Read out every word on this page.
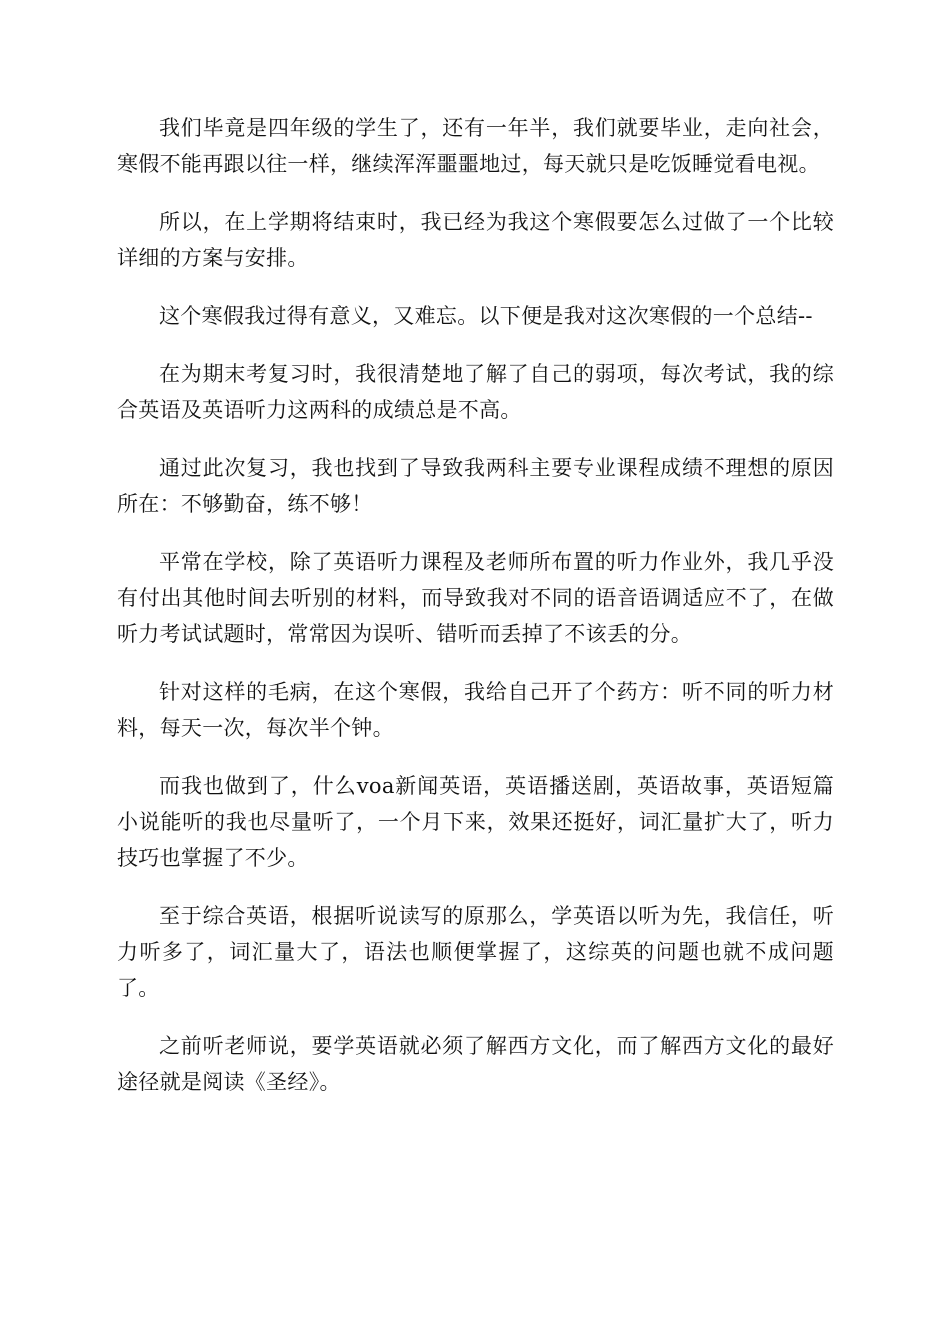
我们毕竟是四年级的学生了，还有一年半，我们就要毕业，走向社会，寒假不能再跟以往一样，继续浑浑噩噩地过，每天就只是吃饭睡觉看电视。

所以，在上学期将结束时，我已经为我这个寒假要怎么过做了一个比较详细的方案与安排。

这个寒假我过得有意义，又难忘。以下便是我对这次寒假的一个总结--

在为期末考复习时，我很清楚地了解了自己的弱项，每次考试，我的综合英语及英语听力这两科的成绩总是不高。

通过此次复习，我也找到了导致我两科主要专业课程成绩不理想的原因所在：不够勤奋，练不够！

平常在学校，除了英语听力课程及老师所布置的听力作业外，我几乎没有付出其他时间去听别的材料，而导致我对不同的语音语调适应不了，在做听力考试试题时，常常因为误听、错听而丢掉了不该丢的分。

针对这样的毛病，在这个寒假，我给自己开了个药方：听不同的听力材料，每天一次，每次半个钟。

而我也做到了，什么voa新闻英语，英语播送剧，英语故事，英语短篇小说能听的我也尽量听了，一个月下来，效果还挺好，词汇量扩大了，听力技巧也掌握了不少。

至于综合英语，根据听说读写的原那么，学英语以听为先，我信任，听力听多了，词汇量大了，语法也顺便掌握了，这综英的问题也就不成问题了。

之前听老师说，要学英语就必须了解西方文化，而了解西方文化的最好途径就是阅读《圣经》。
